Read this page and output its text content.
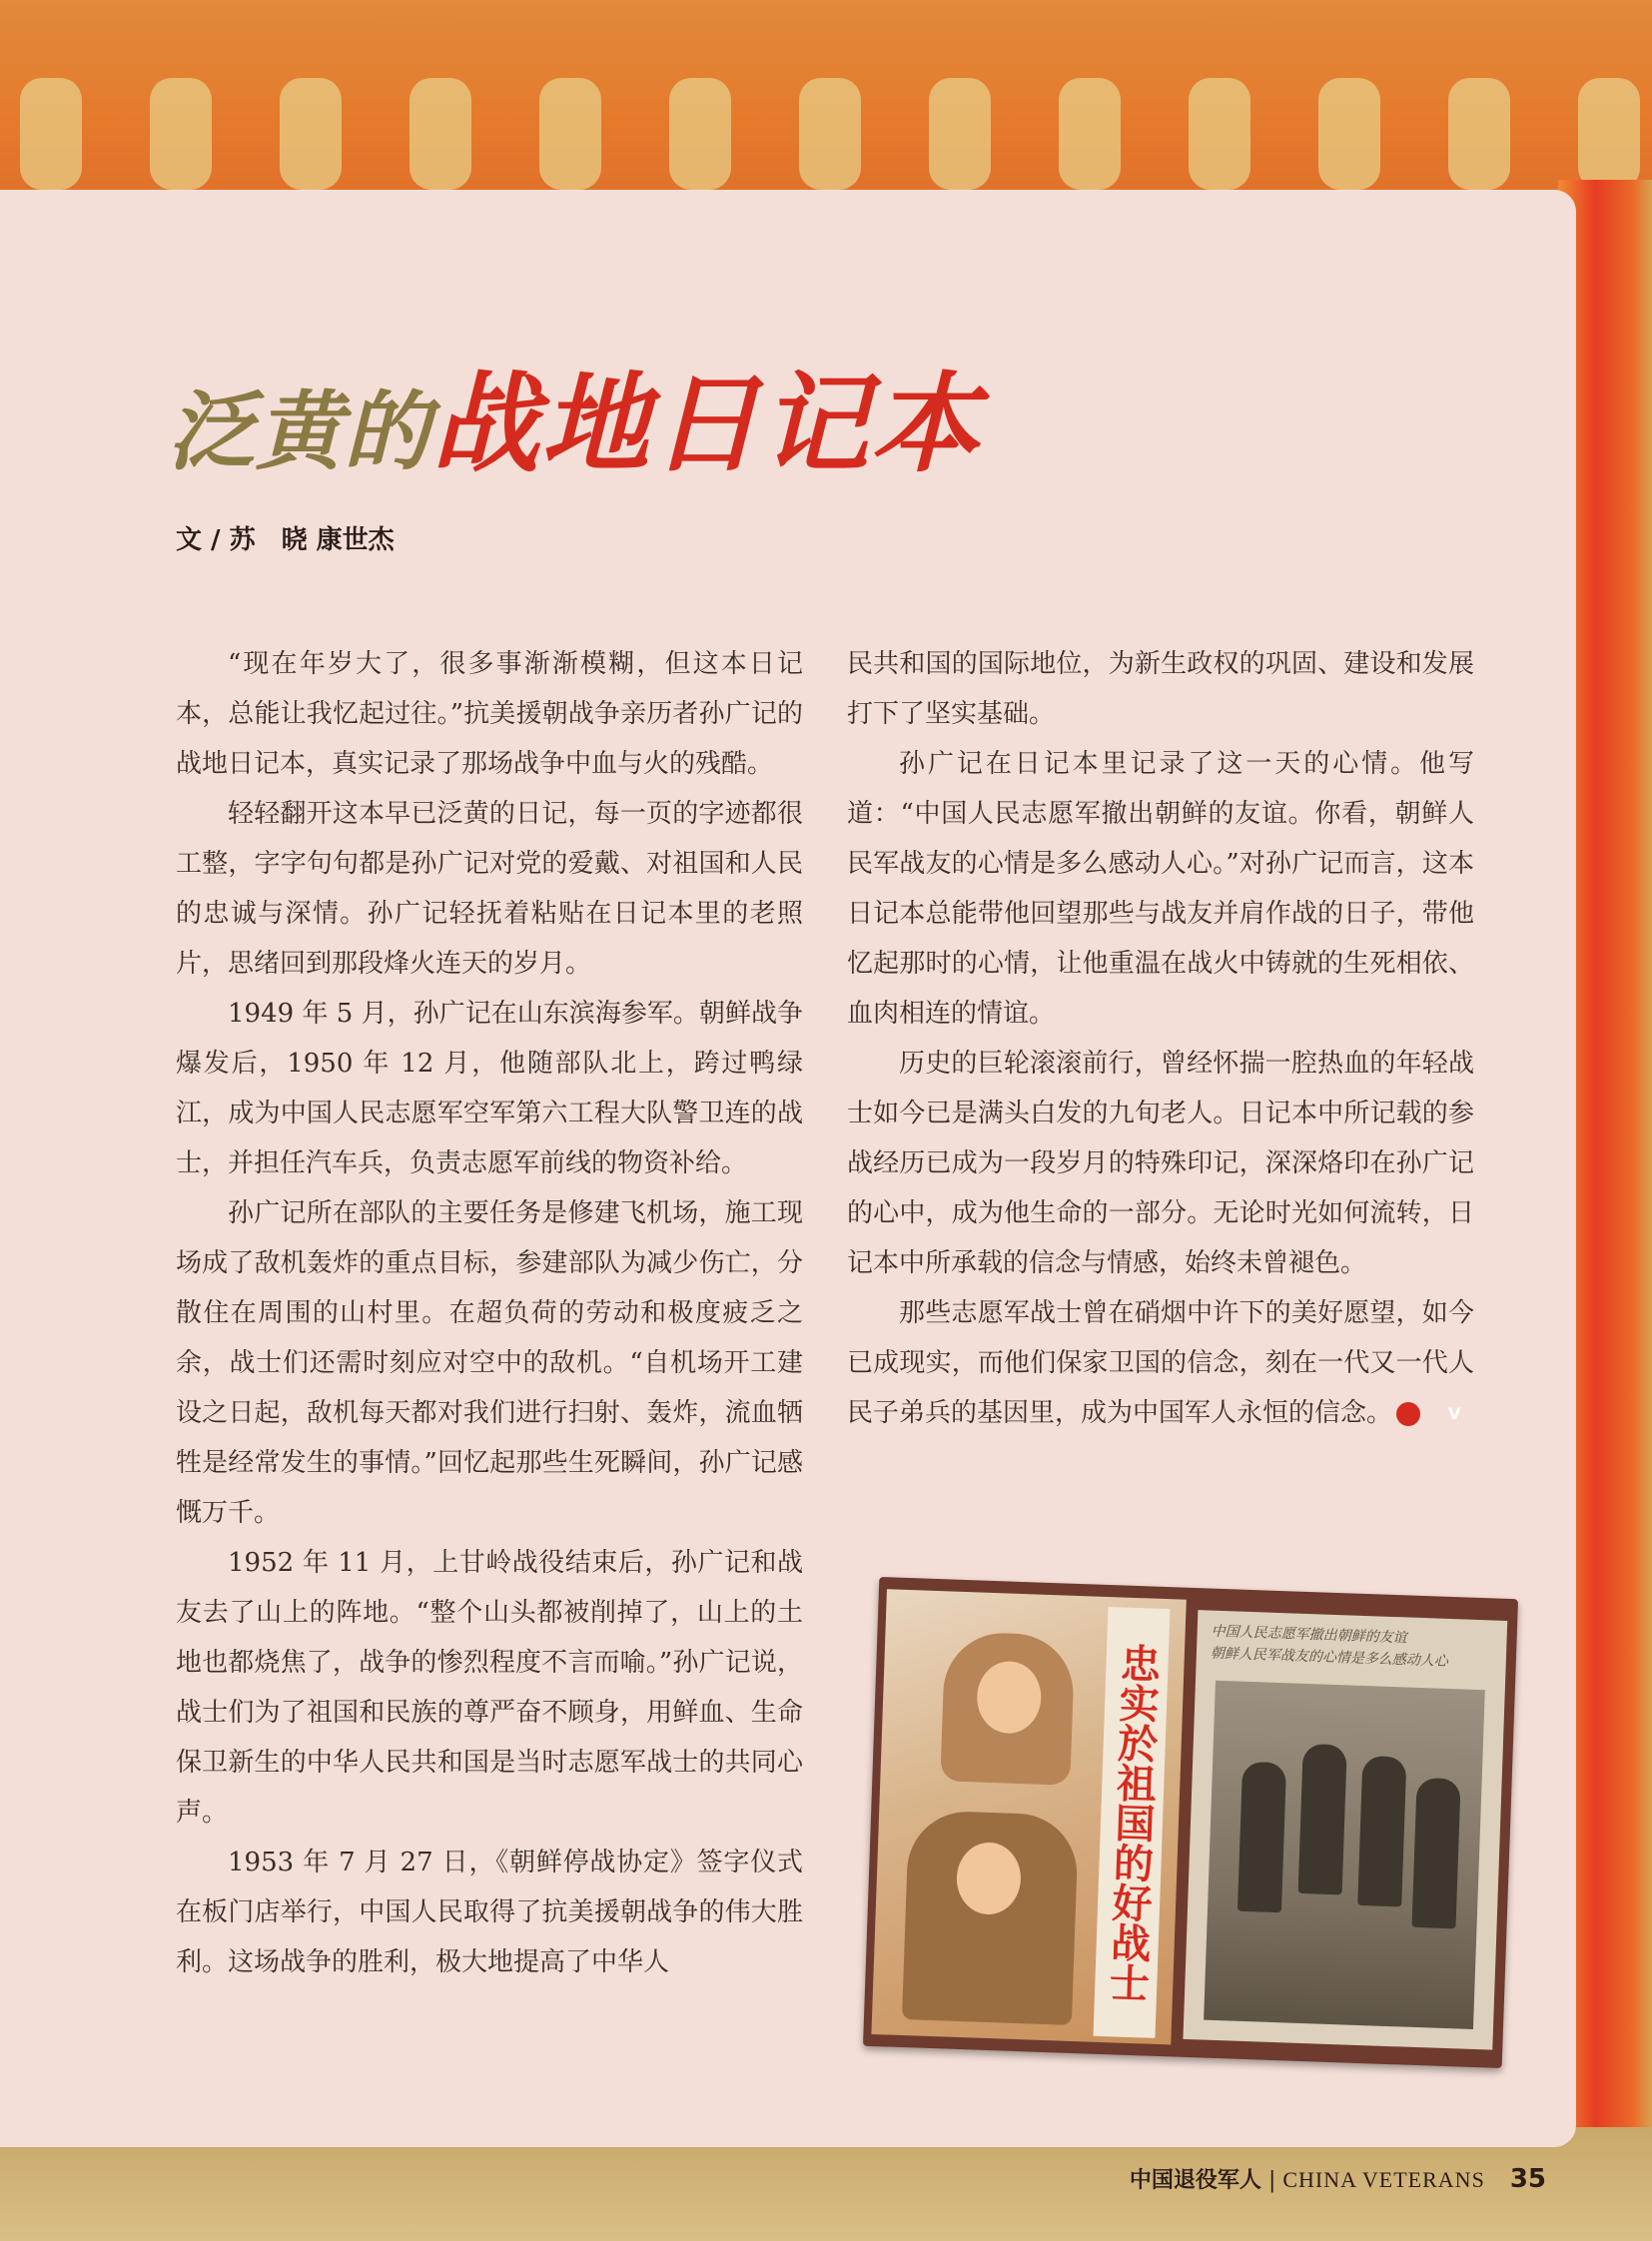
泛黄的战地日记本
文 / 苏　晓 康世杰

“现在年岁大了，很多事渐渐模糊，但这本日记本，总能让我忆起过往。”抗美援朝战争亲历者孙广记的战地日记本，真实记录了那场战争中血与火的残酷。

轻轻翻开这本早已泛黄的日记，每一页的字迹都很工整，字字句句都是孙广记对党的爱戴、对祖国和人民的忠诚与深情。孙广记轻抚着粘贴在日记本里的老照片，思绪回到那段烽火连天的岁月。

1949 年 5 月，孙广记在山东滨海参军。朝鲜战争爆发后，1950 年 12 月，他随部队北上，跨过鸭绿江，成为中国人民志愿军空军第六工程大队警卫连的战士，并担任汽车兵，负责志愿军前线的物资补给。

孙广记所在部队的主要任务是修建飞机场，施工现场成了敌机轰炸的重点目标，参建部队为减少伤亡，分散住在周围的山村里。在超负荷的劳动和极度疲乏之余，战士们还需时刻应对空中的敌机。“自机场开工建设之日起，敌机每天都对我们进行扫射、轰炸，流血牺牲是经常发生的事情。”回忆起那些生死瞬间，孙广记感慨万千。

1952 年 11 月，上甘岭战役结束后，孙广记和战友去了山上的阵地。“整个山头都被削掉了，山上的土地也都烧焦了，战争的惨烈程度不言而喻。”孙广记说，战士们为了祖国和民族的尊严奋不顾身，用鲜血、生命保卫新生的中华人民共和国是当时志愿军战士的共同心声。

1953 年 7 月 27 日，《朝鲜停战协定》签字仪式在板门店举行，中国人民取得了抗美援朝战争的伟大胜利。这场战争的胜利，极大地提高了中华人

民共和国的国际地位，为新生政权的巩固、建设和发展打下了坚实基础。

孙广记在日记本里记录了这一天的心情。他写道：“中国人民志愿军撤出朝鲜的友谊。你看，朝鲜人民军战友的心情是多么感动人心。”对孙广记而言，这本日记本总能带他回望那些与战友并肩作战的日子，带他忆起那时的心情，让他重温在战火中铸就的生死相依、血肉相连的情谊。

历史的巨轮滚滚前行，曾经怀揣一腔热血的年轻战士如今已是满头白发的九旬老人。日记本中所记载的参战经历已成为一段岁月的特殊印记，深深烙印在孙广记的心中，成为他生命的一部分。无论时光如何流转，日记本中所承载的信念与情感，始终未曾褪色。

那些志愿军战士曾在硝烟中许下的美好愿望，如今已成现实，而他们保家卫国的信念，刻在一代又一代人民子弟兵的基因里，成为中国军人永恒的信念。	V

忠实於祖国的好战士
中国人民志愿军撤出朝鲜的友谊
朝鲜人民军战友的心情是多么感动人心
中国退役军人 | CHINA VETERANS 35
